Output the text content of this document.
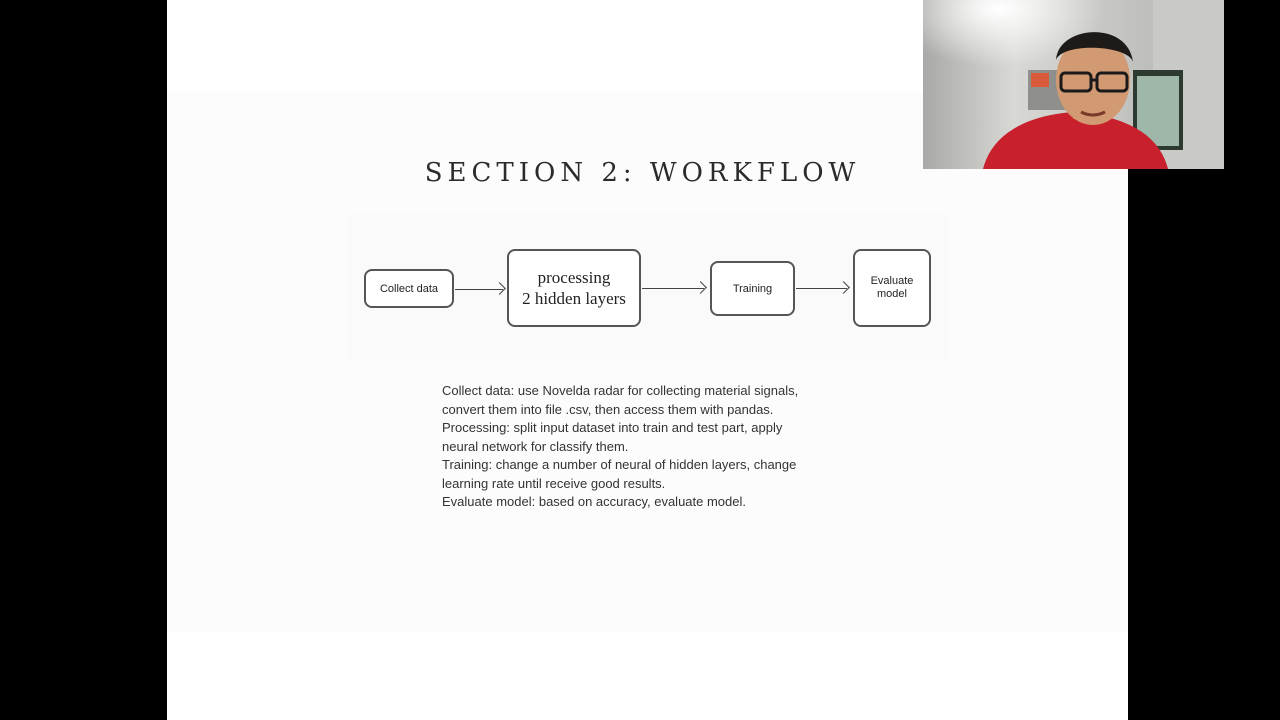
SECTION 2: WORKFLOW
Collect data
processing
2 hidden layers
Training
Evaluate
model

Collect data: use Novelda radar for collecting material signals,

convert them into file .csv, then access them with pandas.

Processing: split input dataset into train and test part, apply

neural network for classify them.

Training: change a number of neural of hidden layers, change

learning rate until receive good results.

Evaluate model: based on accuracy, evaluate model.
